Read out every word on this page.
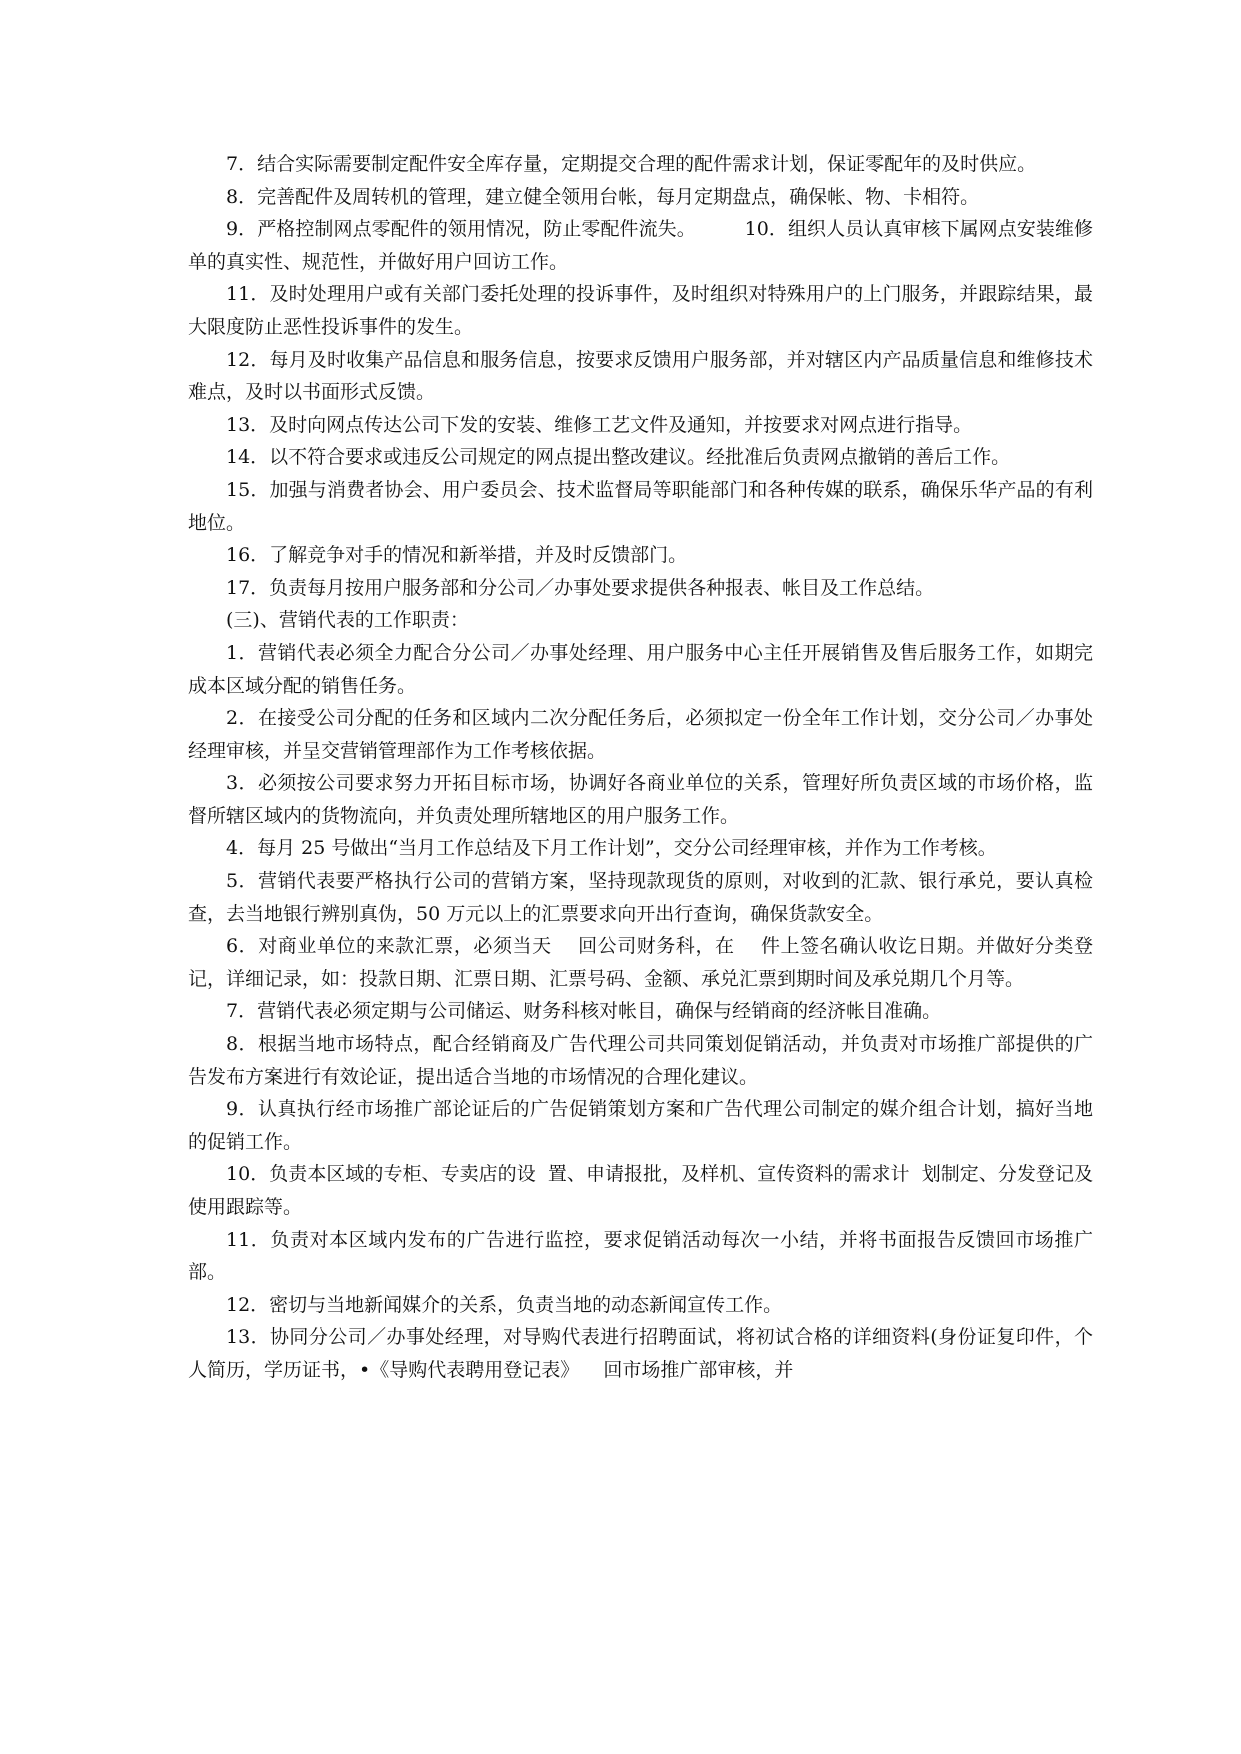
7．结合实际需要制定配件安全库存量，定期提交合理的配件需求计划，保证零配年的及时供应。

8．完善配件及周转机的管理，建立健全领用台帐，每月定期盘点，确保帐、物、卡相符。

9．严格控制网点零配件的领用情况，防止零配件流失。        10．组织人员认真审核下属网点安装维修单的真实性、规范性，并做好用户回访工作。

11．及时处理用户或有关部门委托处理的投诉事件，及时组织对特殊用户的上门服务，并跟踪结果，最大限度防止恶性投诉事件的发生。

12．每月及时收集产品信息和服务信息，按要求反馈用户服务部，并对辖区内产品质量信息和维修技术难点，及时以书面形式反馈。

13．及时向网点传达公司下发的安装、维修工艺文件及通知，并按要求对网点进行指导。

14．以不符合要求或违反公司规定的网点提出整改建议。经批准后负责网点撤销的善后工作。

15．加强与消费者协会、用户委员会、技术监督局等职能部门和各种传媒的联系，确保乐华产品的有利地位。

16．了解竞争对手的情况和新举措，并及时反馈部门。

17．负责每月按用户服务部和分公司／办事处要求提供各种报表、帐目及工作总结。

(三)、营销代表的工作职责：

1．营销代表必须全力配合分公司／办事处经理、用户服务中心主任开展销售及售后服务工作，如期完成本区域分配的销售任务。

2．在接受公司分配的任务和区域内二次分配任务后，必须拟定一份全年工作计划，交分公司／办事处经理审核，并呈交营销管理部作为工作考核依据。

3．必须按公司要求努力开拓目标市场，协调好各商业单位的关系，管理好所负责区域的市场价格，监督所辖区域内的货物流向，并负责处理所辖地区的用户服务工作。

4．每月 25 号做出“当月工作总结及下月工作计划”，交分公司经理审核，并作为工作考核。

5．营销代表要严格执行公司的营销方案，坚持现款现货的原则，对收到的汇款、银行承兑，要认真检查，去当地银行辨别真伪，50 万元以上的汇票要求向开出行查询，确保货款安全。

6．对商业单位的来款汇票，必须当天    回公司财务科，在    件上签名确认收讫日期。并做好分类登记，详细记录，如：投款日期、汇票日期、汇票号码、金额、承兑汇票到期时间及承兑期几个月等。

7．营销代表必须定期与公司储运、财务科核对帐目，确保与经销商的经济帐目准确。

8．根据当地市场特点，配合经销商及广告代理公司共同策划促销活动，并负责对市场推广部提供的广告发布方案进行有效论证，提出适合当地的市场情况的合理化建议。

9．认真执行经市场推广部论证后的广告促销策划方案和广告代理公司制定的媒介组合计划，搞好当地的促销工作。

10．负责本区域的专柜、专卖店的设  置、申请报批，及样机、宣传资料的需求计  划制定、分发登记及使用跟踪等。

11．负责对本区域内发布的广告进行监控，要求促销活动每次一小结，并将书面报告反馈回市场推广部。

12．密切与当地新闻媒介的关系，负责当地的动态新闻宣传工作。

13．协同分公司／办事处经理，对导购代表进行招聘面试，将初试合格的详细资料(身份证复印件，个人简历，学历证书，•《导购代表聘用登记表》    回市场推广部审核，并
